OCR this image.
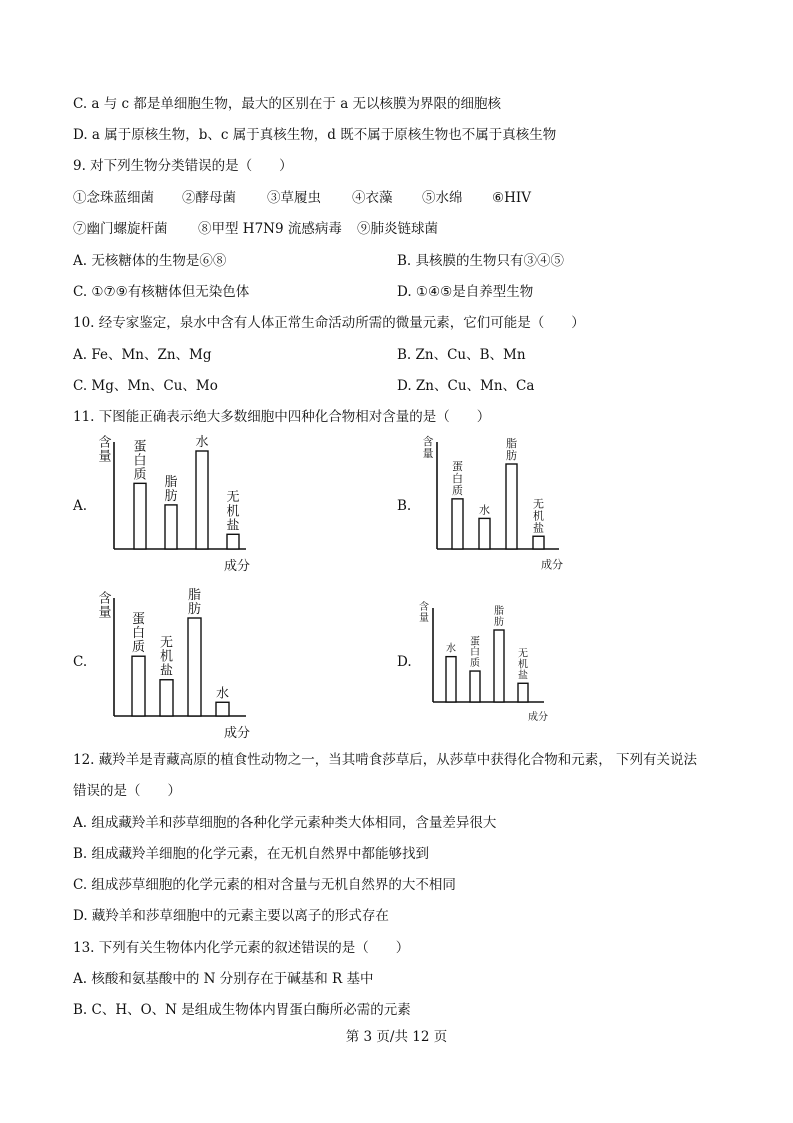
C. a 与 c 都是单细胞生物，最大的区别在于 a 无以核膜为界限的细胞核
D. a 属于原核生物，b、c 属于真核生物，d 既不属于原核生物也不属于真核生物
9. 对下列生物分类错误的是（　　）
①念珠蓝细菌 ②酵母菌 ③草履虫 ④衣藻 ⑤水绵 ⑥HIV
⑦幽门螺旋杆菌 ⑧甲型 H7N9 流感病毒 ⑨肺炎链球菌
A. 无核糖体的生物是⑥⑧	B. 具核膜的生物只有③④⑤
C. ①⑦⑨有核糖体但无染色体	D. ①④⑤是自养型生物
10. 经专家鉴定，泉水中含有人体正常生命活动所需的微量元素，它们可能是（　　）
A. Fe、Mn、Zn、Mg	B. Zn、Cu、B、Mn
C. Mg、Mn、Cu、Mo	D. Zn、Cu、Mn、Ca
11. 下图能正确表示绝大多数细胞中四种化合物相对含量的是（　　）
A.	B.
C.	D.
含量
成分
蛋白质
脂肪
水
无机盐
含量
成分
蛋白质
水
脂肪
无机盐
含量
成分
蛋白质 无机盐
脂肪
水
含量
成分
水
蛋白质
脂肪
无机盐
12. 藏羚羊是青藏高原的植食性动物之一，当其啃食莎草后，从莎草中获得化合物和元素， 下列有关说法
错误的是（　　）
A. 组成藏羚羊和莎草细胞的各种化学元素种类大体相同，含量差异很大
B. 组成藏羚羊细胞的化学元素，在无机自然界中都能够找到
C. 组成莎草细胞的化学元素的相对含量与无机自然界的大不相同
D. 藏羚羊和莎草细胞中的元素主要以离子的形式存在
13. 下列有关生物体内化学元素的叙述错误的是（　　）
A. 核酸和氨基酸中的 N 分别存在于碱基和 R 基中
B. C、H、O、N 是组成生物体内胃蛋白酶所必需的元素
第 3 页/共 12 页
